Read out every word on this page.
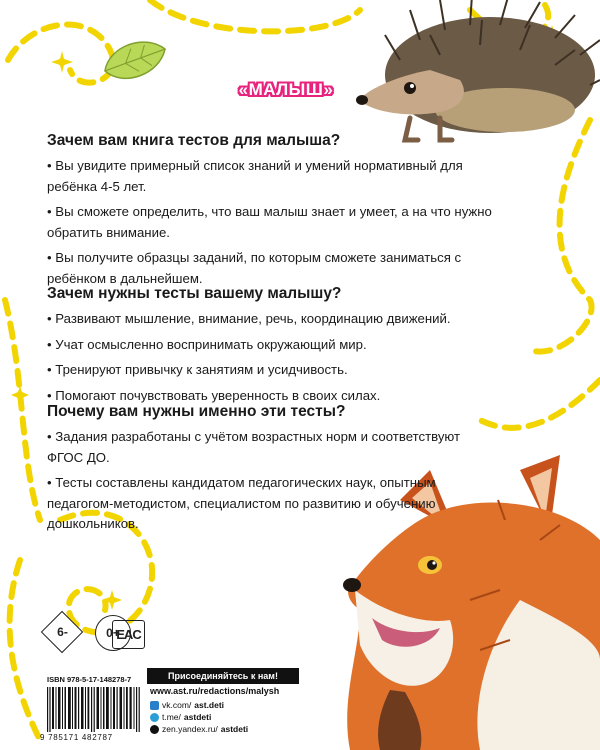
«МАЛЫШ»
Зачем вам книга тестов для малыша?

• Вы увидите примерный список знаний и умений нормативный для ребёнка 4-5 лет.

• Вы сможете определить, что ваш малыш знает и умеет, а на что нужно обратить внимание.

• Вы получите образцы заданий, по которым сможете заниматься с ребёнком в дальнейшем.

Зачем нужны тесты вашему малышу?

• Развивают мышление, внимание, речь, координацию движений.

• Учат осмысленно воспринимать окружающий мир.

• Тренируют привычку к занятиям и усидчивость.

• Помогают почувствовать уверенность в своих силах.

Почему вам нужны именно эти тесты?

• Задания разработаны с учётом возрастных норм и соответствуют ФГОС ДО.

• Тесты составлены кандидатом педагогических наук, опытным педагогом-методистом, специалистом по развитию и обучению дошкольников.

6-	0+
EAC
ISBN 978-5-17-148278-7
9 785171 482787
Присоединяйтесь к нам!
www.ast.ru/redactions/malysh
vk.com/ ast.deti
t.me/ astdeti
zen.yandex.ru/ astdeti
